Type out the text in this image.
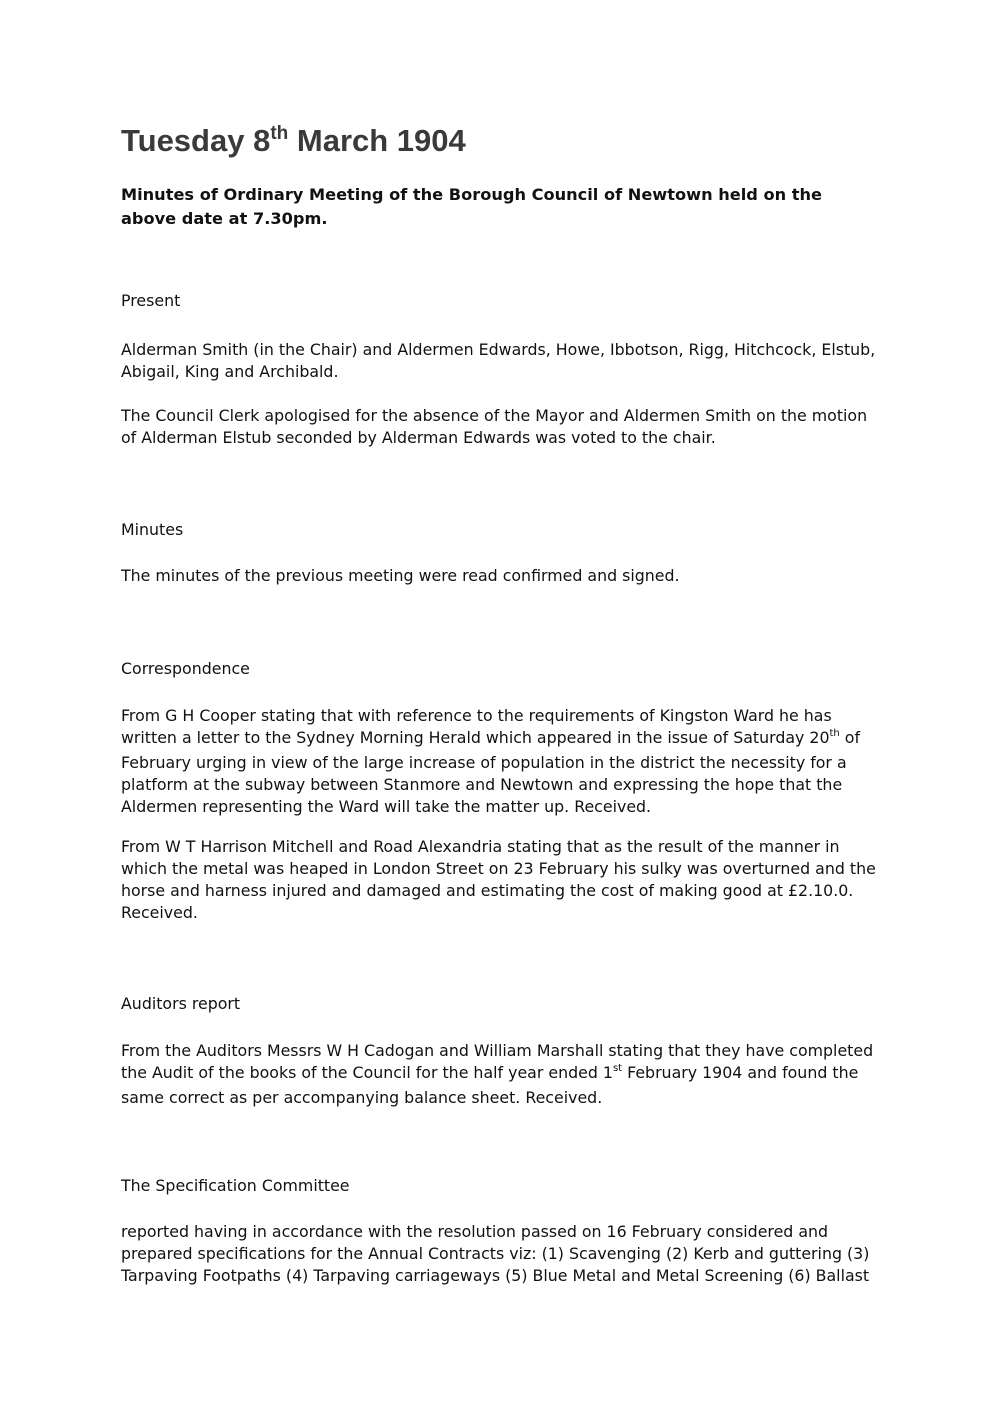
Tuesday 8th March 1904

Minutes of Ordinary Meeting of the Borough Council of Newtown held on the above date at 7.30pm.

Present

Alderman Smith (in the Chair) and Aldermen Edwards, Howe, Ibbotson, Rigg, Hitchcock, Elstub, Abigail, King and Archibald.

The Council Clerk apologised for the absence of the Mayor and Aldermen Smith on the motion of Alderman Elstub seconded by Alderman Edwards was voted to the chair.

Minutes

The minutes of the previous meeting were read confirmed and signed.

Correspondence

From G H Cooper stating that with reference to the requirements of Kingston Ward he has written a letter to the Sydney Morning Herald which appeared in the issue of Saturday 20th of February urging in view of the large increase of population in the district the necessity for a platform at the subway between Stanmore and Newtown and expressing the hope that the Aldermen representing the Ward will take the matter up. Received.

From W T Harrison Mitchell and Road Alexandria stating that as the result of the manner in which the metal was heaped in London Street on 23 February his sulky was overturned and the horse and harness injured and damaged and estimating the cost of making good at £2.10.0. Received.

Auditors report

From the Auditors Messrs W H Cadogan and William Marshall stating that they have completed the Audit of the books of the Council for the half year ended 1st February 1904 and found the same correct as per accompanying balance sheet. Received.

The Specification Committee

reported having in accordance with the resolution passed on 16 February considered and prepared specifications for the Annual Contracts viz: (1) Scavenging (2) Kerb and guttering (3) Tarpaving Footpaths (4) Tarpaving carriageways (5) Blue Metal and Metal Screening (6) Ballast
